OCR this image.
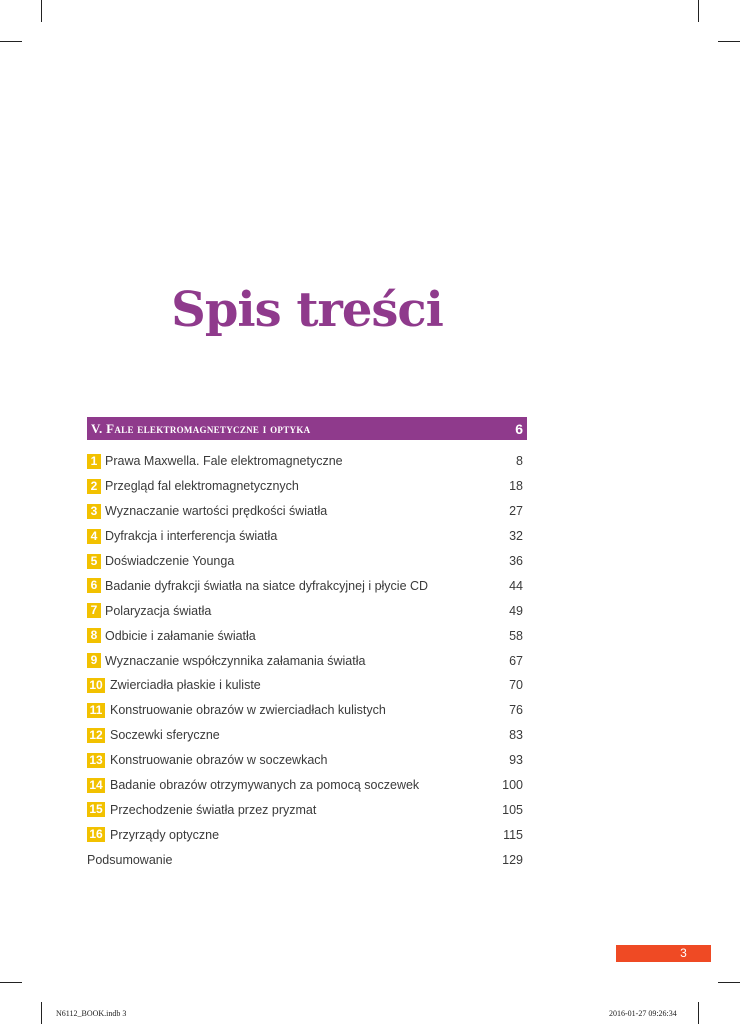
Spis treści
V. Fale elektromagnetyczne i optyka	6
1 Prawa Maxwella. Fale elektromagnetyczne	8
2 Przegląd fal elektromagnetycznych	18
3 Wyznaczanie wartości prędkości światła	27
4 Dyfrakcja i interferencja światła	32
5 Doświadczenie Younga	36
6 Badanie dyfrakcji światła na siatce dyfrakcyjnej i płycie CD	44
7 Polaryzacja światła	49
8 Odbicie i załamanie światła	58
9 Wyznaczanie współczynnika załamania światła	67
10 Zwierciadła płaskie i kuliste	70
11 Konstruowanie obrazów w zwierciadłach kulistych	76
12 Soczewki sferyczne	83
13 Konstruowanie obrazów w soczewkach	93
14 Badanie obrazów otrzymywanych za pomocą soczewek	100
15 Przechodzenie światła przez pryzmat	105
16 Przyrządy optyczne	115
Podsumowanie	129
3
N6112_BOOK.indb 3	2016-01-27 09:26:34
